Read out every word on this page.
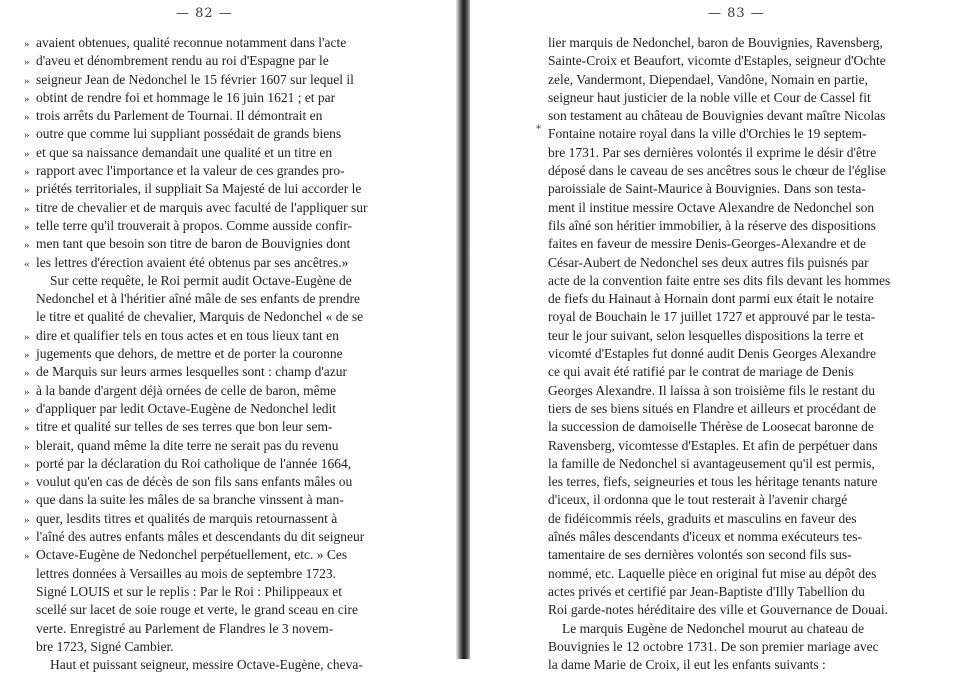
— 82 —
» avaient obtenues, qualité reconnue notamment dans l'acte
» d'aveu et dénombrement rendu au roi d'Espagne par le
» seigneur Jean de Nedonchel le 15 février 1607 sur lequel il
» obtint de rendre foi et hommage le 16 juin 1621 ; et par
» trois arrêts du Parlement de Tournai. Il démontrait en
» outre que comme lui suppliant possédait de grands biens
» et que sa naissance demandait une qualité et un titre en
» rapport avec l'importance et la valeur de ces grandes pro-
» priétés territoriales, il suppliait Sa Majesté de lui accorder le
» titre de chevalier et de marquis avec faculté de l'appliquer sur
» telle terre qu'il trouverait à propos. Comme ausside confir-
» men tant que besoin son titre de baron de Bouvignies dont
« les lettres d'érection avaient été obtenus par ses ancêtres.»
Sur cette requête, le Roi permit audit Octave-Eugène de
Nedonchel et à l'héritier aîné mâle de ses enfants de prendre
le titre et qualité de chevalier, Marquis de Nedonchel « de se
» dire et qualifier tels en tous actes et en tous lieux tant en
» jugements que dehors, de mettre et de porter la couronne
» de Marquis sur leurs armes lesquelles sont : champ d'azur
» à la bande d'argent déjà ornées de celle de baron, même
» d'appliquer par ledit Octave-Eugène de Nedonchel ledit
» titre et qualité sur telles de ses terres que bon leur sem-
» blerait, quand même la dite terre ne serait pas du revenu
» porté par la déclaration du Roi catholique de l'année 1664,
» voulut qu'en cas de décès de son fils sans enfants mâles ou
» que dans la suite les mâles de sa branche vinssent à man-
» quer, lesdits titres et qualités de marquis retournassent à
» l'aîné des autres enfants mâles et descendants du dit seigneur
» Octave-Eugène de Nedonchel perpétuellement, etc. » Ces
lettres données à Versailles au mois de septembre 1723.
Signé LOUIS et sur le replis : Par le Roi : Philippeaux et
scellé sur lacet de soie rouge et verte, le grand sceau en cire
verte. Enregistré au Parlement de Flandres le 3 novem-
bre 1723, Signé Cambier.
Haut et puissant seigneur, messire Octave-Eugène, cheva-
— 83 —
*
lier marquis de Nedonchel, baron de Bouvignies, Ravensberg,
Sainte-Croix et Beaufort, vicomte d'Estaples, seigneur d'Ochte
zele, Vandermont, Diependael, Vandône, Nomain en partie,
seigneur haut justicier de la noble ville et Cour de Cassel fit
son testament au château de Bouvignies devant maître Nicolas
Fontaine notaire royal dans la ville d'Orchies le 19 septem-
bre 1731. Par ses dernières volontés il exprime le désir d'être
déposé dans le caveau de ses ancêtres sous le chœur de l'église
paroissiale de Saint-Maurice à Bouvignies. Dans son testa-
ment il institue messire Octave Alexandre de Nedonchel son
fils aîné son héritier immobilier, à la réserve des dispositions
faites en faveur de messire Denis-Georges-Alexandre et de
César-Aubert de Nedonchel ses deux autres fils puisnés par
acte de la convention faite entre ses dits fils devant les hommes
de fiefs du Hainaut à Hornain dont parmi eux était le notaire
royal de Bouchain le 17 juillet 1727 et approuvé par le testa-
teur le jour suivant, selon lesquelles dispositions la terre et
vicomté d'Estaples fut donné audit Denis Georges Alexandre
ce qui avait été ratifié par le contrat de mariage de Denis
Georges Alexandre. Il laissa à son troisième fils le restant du
tiers de ses biens situés en Flandre et ailleurs et procédant de
la succession de damoiselle Thérèse de Loosecat baronne de
Ravensberg, vicomtesse d'Estaples. Et afin de perpétuer dans
la famille de Nedonchel si avantageusement qu'il est permis,
les terres, fiefs, seigneuries et tous les héritage tenants nature
d'iceux, il ordonna que le tout resterait à l'avenir chargé
de fidéicommis réels, graduits et masculins en faveur des
aînés mâles descendants d'iceux et nomma exécuteurs tes-
tamentaire de ses dernières volontés son second fils sus-
nommé, etc. Laquelle pièce en original fut mise au dépôt des
actes privés et certifié par Jean-Baptiste d'Illy Tabellion du
Roi garde-notes héréditaire des ville et Gouvernance de Douai.
Le marquis Eugène de Nedonchel mourut au chateau de
Bouvignies le 12 octobre 1731. De son premier mariage avec
la dame Marie de Croix, il eut les enfants suivants :
